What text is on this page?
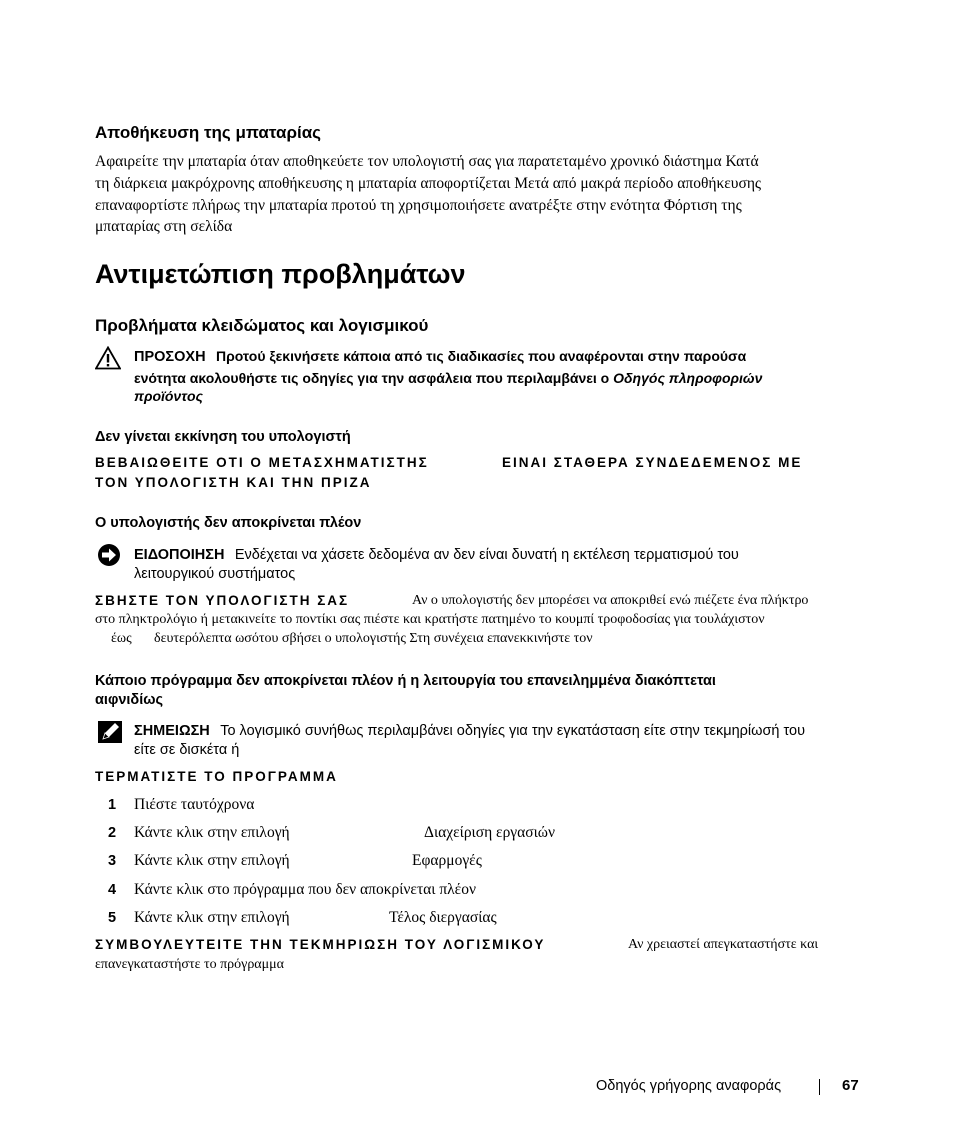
Αποθήκευση της μπαταρίας
Αφαιρείτε την μπαταρία όταν αποθηκεύετε τον υπολογιστή σας για παρατεταμένο χρονικό διάστημα Κατά
τη διάρκεια μακρόχρονης αποθήκευσης η μπαταρία αποφορτίζεται Μετά από μακρά περίοδο αποθήκευσης
επαναφορτίστε πλήρως την μπαταρία προτού τη χρησιμοποιήσετε ανατρέξτε στην ενότητα Φόρτιση της
μπαταρίας στη σελίδα
Αντιμετώπιση προβλημάτων
Προβλήματα κλειδώματος και λογισμικού
ΠΡΟΣΟΧΗ Προτού ξεκινήσετε κάποια από τις διαδικασίες που αναφέρονται στην παρούσα
ενότητα ακολουθήστε τις οδηγίες για την ασφάλεια που περιλαμβάνει ο Οδηγός πληροφοριών
προϊόντος
Δεν γίνεται εκκίνηση του υπολογιστή
ΒΕΒΑΙΩΘΕΙΤΕ ΟΤΙ Ο ΜΕΤΑΣΧΗΜΑΤΙΣΤΗΣ	ΕΙΝΑΙ ΣΤΑΘΕΡΑ ΣΥΝΔΕΔΕΜΕΝΟΣ ΜΕ
ΤΟΝ ΥΠΟΛΟΓΙΣΤΗ ΚΑΙ ΤΗΝ ΠΡΙΖΑ
Ο υπολογιστής δεν αποκρίνεται πλέον
ΕΙΔΟΠΟΙΗΣΗ Ενδέχεται να χάσετε δεδομένα αν δεν είναι δυνατή η εκτέλεση τερματισμού του
λειτουργικού συστήματος
ΣΒΗΣΤΕ ΤΟΝ ΥΠΟΛΟΓΙΣΤΗ ΣΑΣ	Αν ο υπολογιστής δεν μπορέσει να αποκριθεί ενώ πιέζετε ένα πλήκτρο
στο πληκτρολόγιο ή μετακινείτε το ποντίκι σας πιέστε και κρατήστε πατημένο το κουμπί τροφοδοσίας για τουλάχιστον
έως δευτερόλεπτα ωσότου σβήσει ο υπολογιστής Στη συνέχεια επανεκκινήστε τον
Κάποιο πρόγραμμα δεν αποκρίνεται πλέον ή η λειτουργία του επανειλημμένα διακόπτεται
αιφνιδίως
ΣΗΜΕΙΩΣΗ Το λογισμικό συνήθως περιλαμβάνει οδηγίες για την εγκατάσταση είτε στην τεκμηρίωσή του
είτε σε δισκέτα ή
ΤΕΡΜΑΤΙΣΤΕ ΤΟ ΠΡΟΓΡΑΜΜΑ
1 Πιέστε ταυτόχρονα
2 Κάντε κλικ στην επιλογή	Διαχείριση εργασιών
3 Κάντε κλικ στην επιλογή	Εφαρμογές
4 Κάντε κλικ στο πρόγραμμα που δεν αποκρίνεται πλέον
5 Κάντε κλικ στην επιλογή	Τέλος διεργασίας
ΣΥΜΒΟΥΛΕΥΤΕΙΤΕ ΤΗΝ ΤΕΚΜΗΡΙΩΣΗ ΤΟΥ ΛΟΓΙΣΜΙΚΟΥ	Αν χρειαστεί απεγκαταστήστε και
επανεγκαταστήστε το πρόγραμμα
Οδηγός γρήγορης αναφοράς	67
